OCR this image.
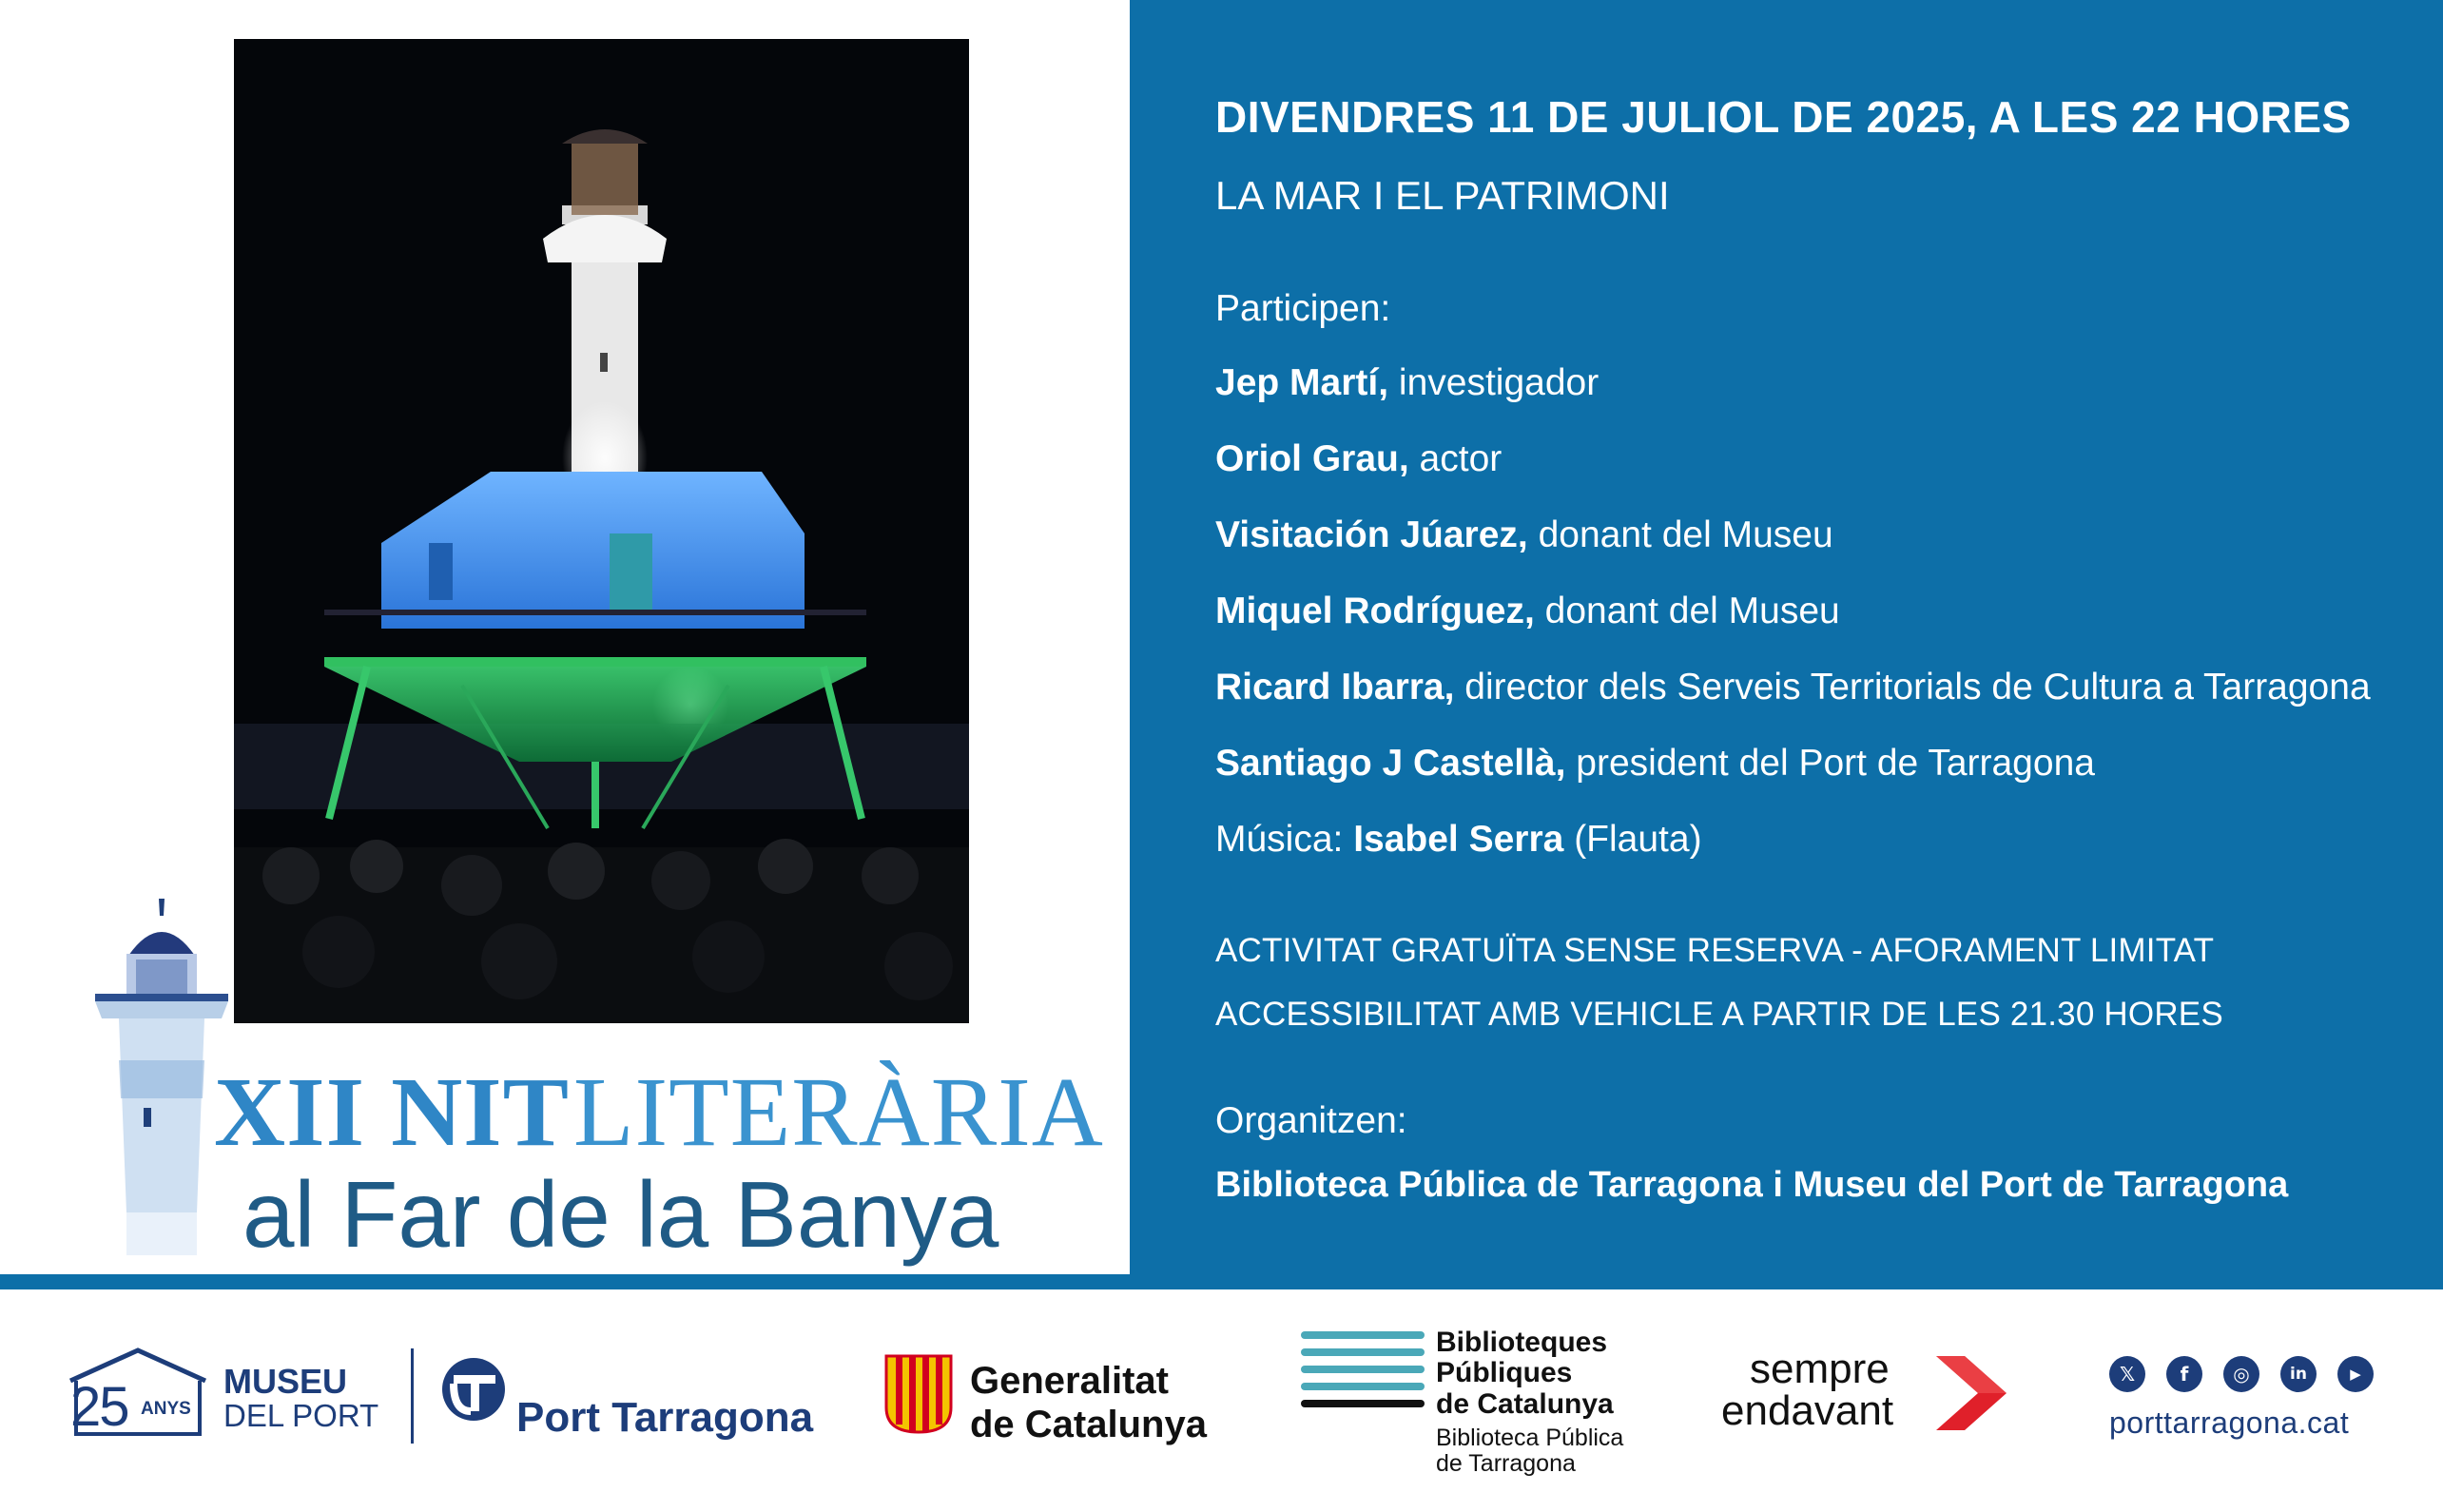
XII NITLITERÀRIA
al Far de la Banya
DIVENDRES 11 DE JULIOL DE 2025, A LES 22 HORES
LA MAR I EL PATRIMONI
Participen:
Jep Martí, investigador
Oriol Grau, actor
Visitación Júarez, donant del Museu
Miquel Rodríguez, donant del Museu
Ricard Ibarra, director dels Serveis Territorials de Cultura a Tarragona
Santiago J Castellà, president del Port de Tarragona
Música: Isabel Serra (Flauta)
ACTIVITAT GRATUÏTA SENSE RESERVA - AFORAMENT LIMITAT
ACCESSIBILITAT AMB VEHICLE A PARTIR DE LES 21.30 HORES
Organitzen:
Biblioteca Pública de Tarragona i Museu del Port de Tarragona
25 ANYS
MUSEU
DEL PORT	Port Tarragona
Generalitat
de Catalunya
Biblioteques
Públiques
de Catalunya
Biblioteca Pública
de Tarragona
sempre
endavant
𝕏	f	◎	in	▶
porttarragona.cat
